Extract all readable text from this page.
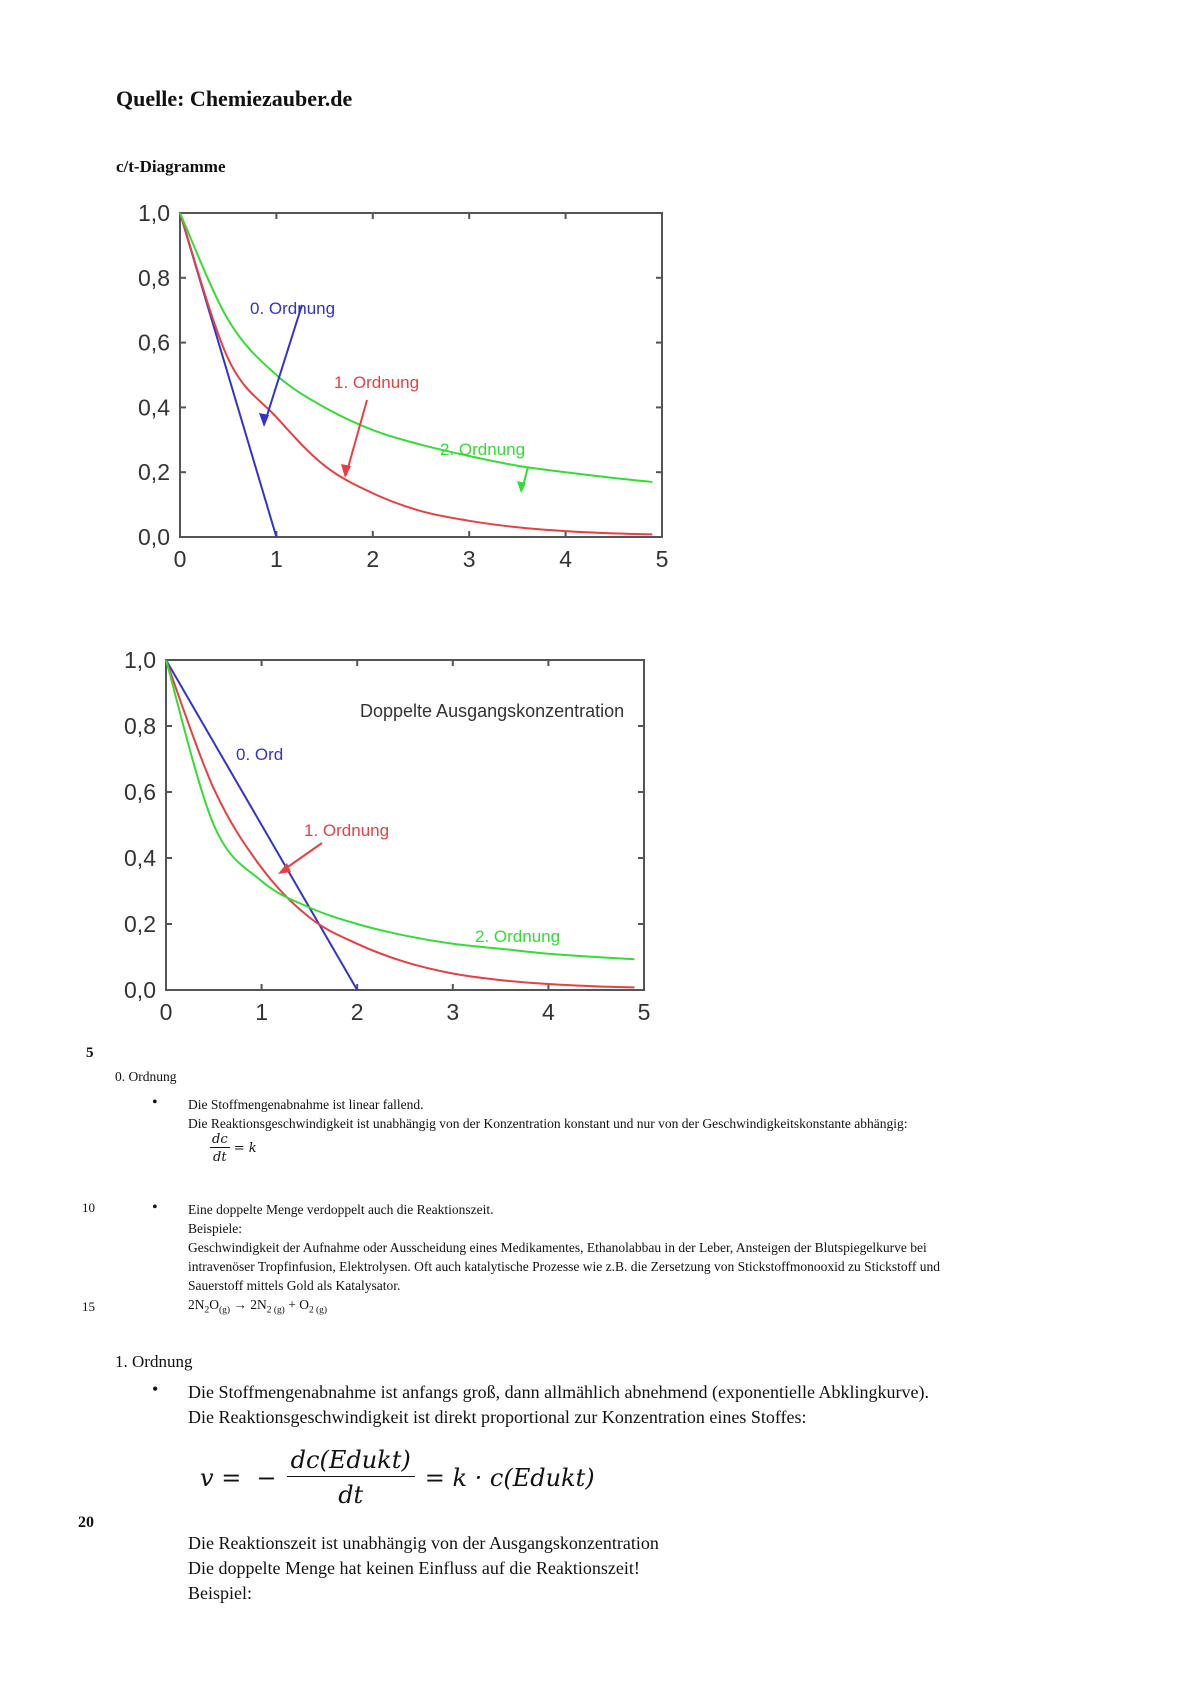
Quelle: Chemiezauber.de
c/t-Diagramme
0	1	2	3	4	5
0,0
0,2
0,4
0,6
0,8
1,0
0. Ordnung
1. Ordnung
2. Ordnung
0	1	2	3	4	5
0,0
0,2
0,4
0,6
0,8
1,0
Doppelte Ausgangskonzentration
0. Ord
1. Ordnung
2. Ordnung
5
10
15
20
0. Ordnung
• Die Stoffmengenabnahme ist linear fallend.
Die Reaktionsgeschwindigkeit ist unabhängig von der Konzentration konstant und nur von der Geschwindigkeitskonstante abhängig:
$\frac{dc}{dt} = k$
• Eine doppelte Menge verdoppelt auch die Reaktionszeit.
Beispiele:
Geschwindigkeit der Aufnahme oder Ausscheidung eines Medikamentes, Ethanolabbau in der Leber, Ansteigen der Blutspiegelkurve bei
intravenöser Tropfinfusion, Elektrolysen. Oft auch katalytische Prozesse wie z.B. die Zersetzung von Stickstoffmonooxid zu Stickstoff und
Sauerstoff mittels Gold als Katalysator.
$2N_2O_{(g)} \to 2N_{2 (g)} + O_{2 (g)}$
1. Ordnung
• Die Stoffmengenabnahme ist anfangs groß, dann allmählich abnehmend (exponentielle Abklingkurve).
Die Reaktionsgeschwindigkeit ist direkt proportional zur Konzentration eines Stoffes:
v =  −
dc(Edukt)
dt
= k · c(Edukt)
Die Reaktionszeit ist unabhängig von der Ausgangskonzentration
Die doppelte Menge hat keinen Einfluss auf die Reaktionszeit!
Beispiel:
